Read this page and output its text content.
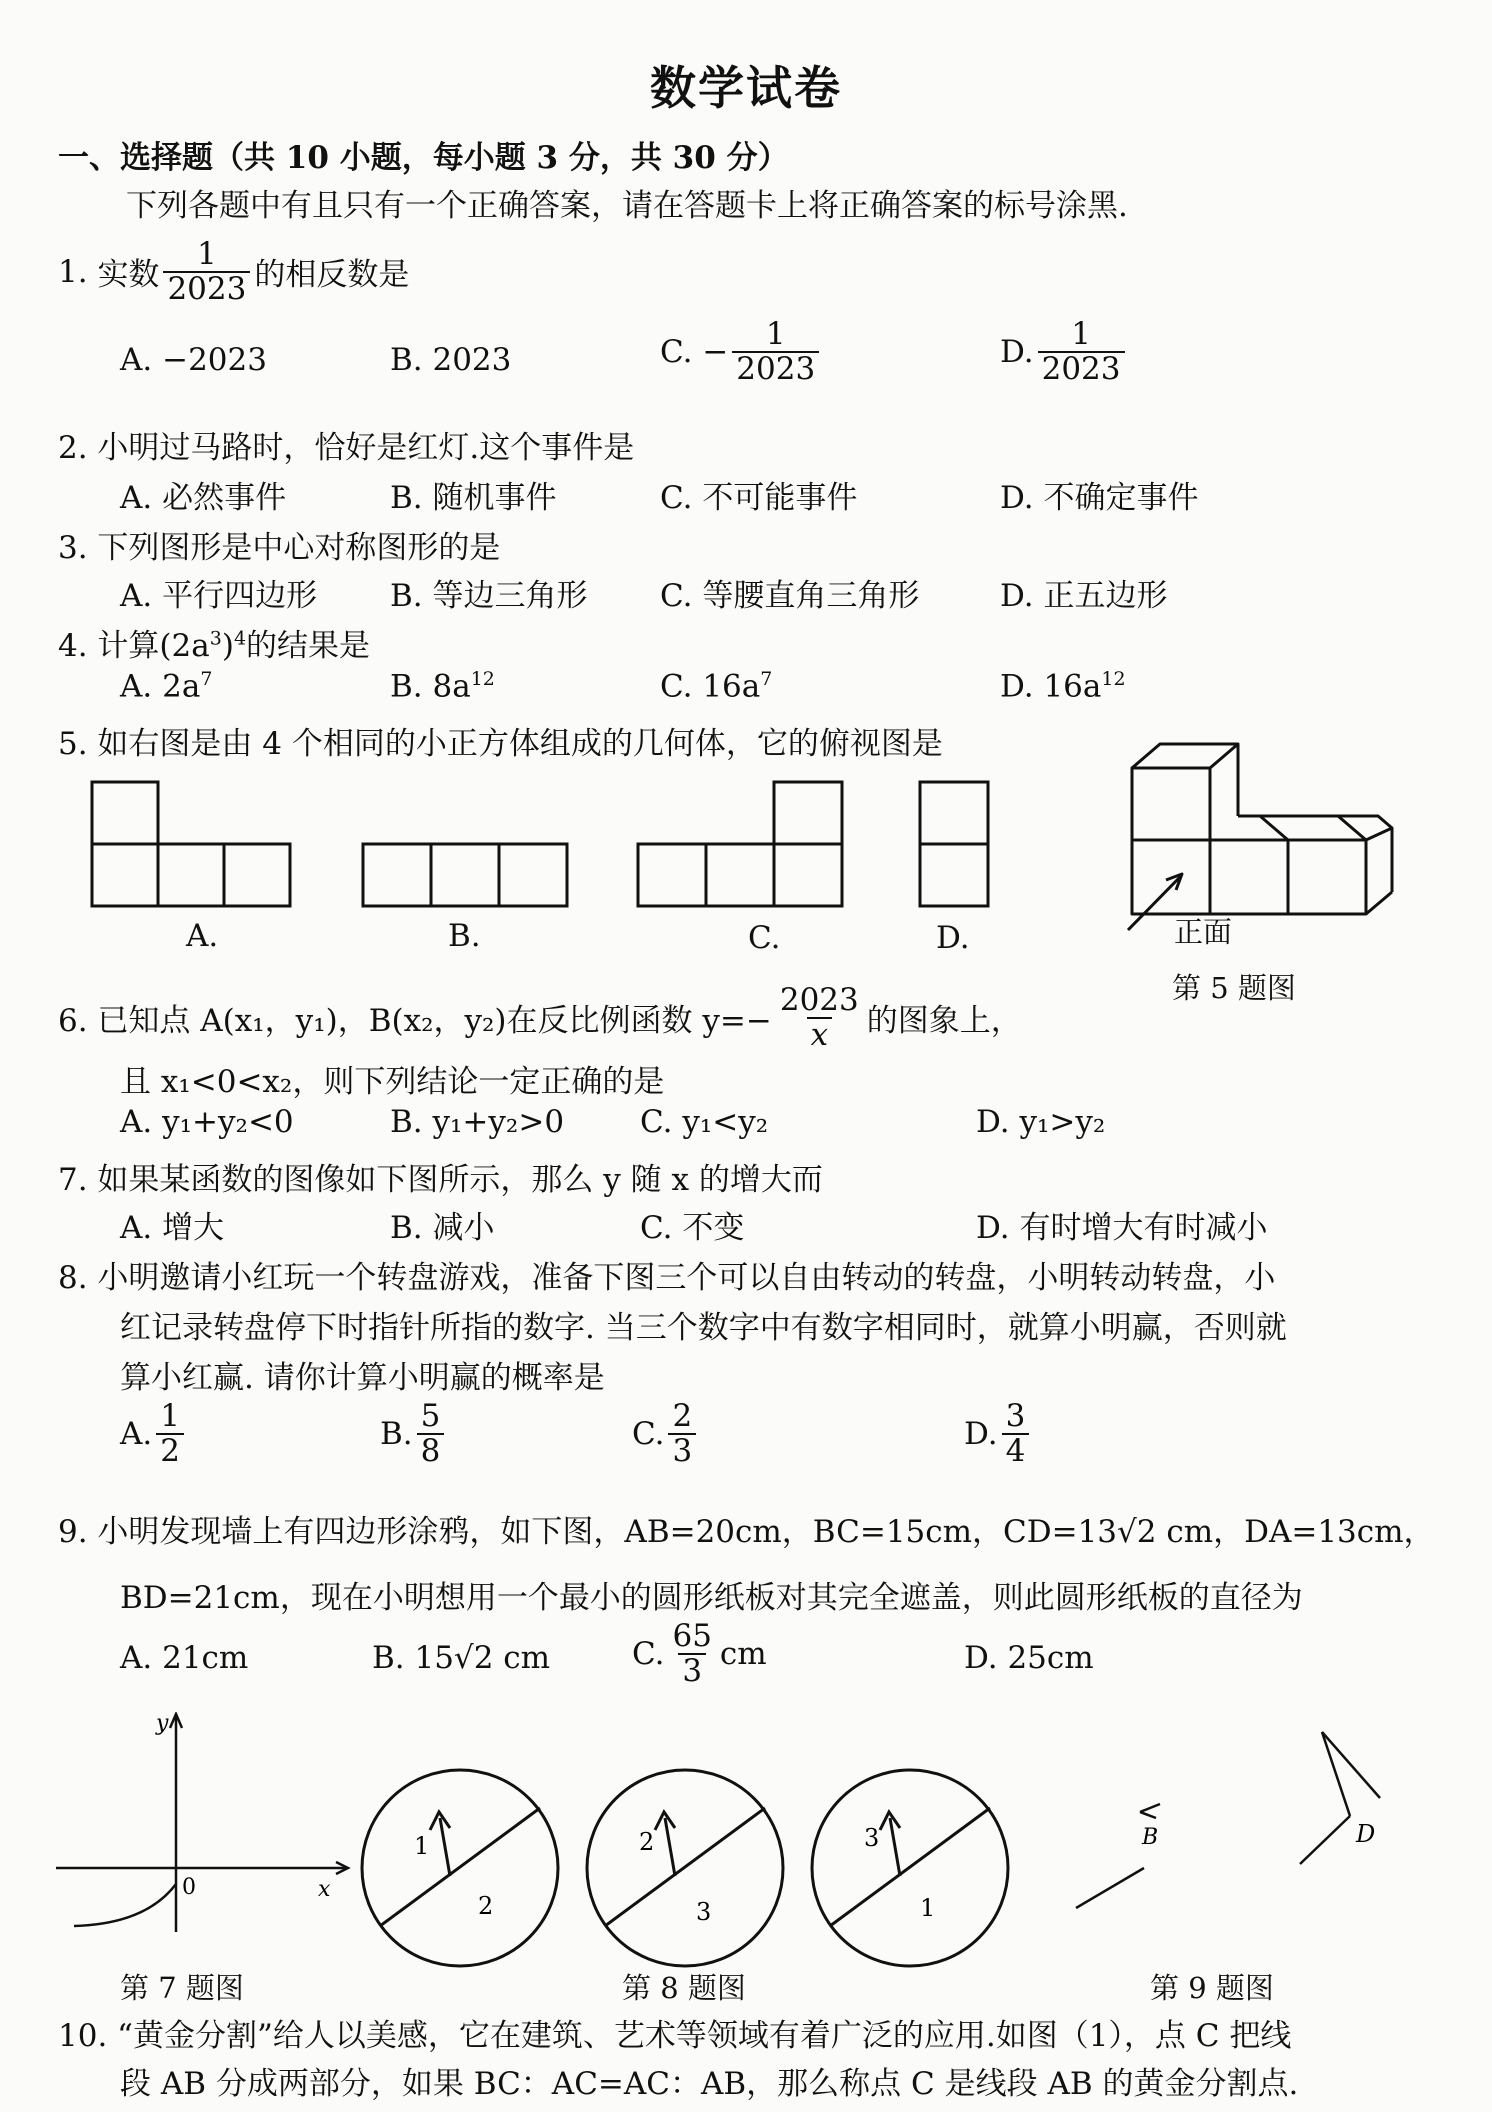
数学试卷
一、选择题（共 10 小题，每小题 3 分，共 30 分）
下列各题中有且只有一个正确答案，请在答题卡上将正确答案的标号涂黑.
1.
实数 $\frac{1}{2023}$ 的相反数是
A. −2023	B. 2023	C. − $\frac{1}{2023}$	D. $\frac{1}{2023}$
2. 小明过马路时，恰好是红灯.这个事件是
A. 必然事件	B. 随机事件	C. 不可能事件	D. 不确定事件
3. 下列图形是中心对称图形的是
A. 平行四边形 B. 等边三角形 C. 等腰直角三角形	D. 正五边形
4. 计算$(2a^3)^4$的结果是
A. $2a^7$	B. $8a^{12}$	C. $16a^7$	D. $16a^{12}$
5. 如右图是由 4 个相同的小正方体组成的几何体，它的俯视图是
A.	B.	C.	D.	正面
第 5 题图
6. 已知点 A(x₁，y₁)，B(x₂，y₂)在反比例函数 $y=- \frac{2023}{x}$ 的图象上，
且 x₁<0<x₂，则下列结论一定正确的是
A. y₁+y₂<0	B. y₁+y₂>0 C. y₁<y₂	D. y₁>y₂
7. 如果某函数的图像如下图所示，那么 y 随 x 的增大而
A. 增大	B. 减小	C. 不变	D. 有时增大有时减小
8. 小明邀请小红玩一个转盘游戏，准备下图三个可以自由转动的转盘，小明转动转盘，小
红记录转盘停下时指针所指的数字. 当三个数字中有数字相同时，就算小明赢，否则就
算小红赢. 请你计算小明赢的概率是
A. $\frac{1}{2}$	B. $\frac{5}{8}$	C. $\frac{2}{3}$	D. $\frac{3}{4}$
9. 小明发现墙上有四边形涂鸦，如下图，AB=20cm，BC=15cm，CD=13√2 cm，DA=13cm，
BD=21cm，现在小明想用一个最小的圆形纸板对其完全遮盖，则此圆形纸板的直径为
A. 21cm	B. 15√2 cm	C. $\frac{65}{3}$ cm	D. 25cm
y
0	x
第 7 题图
1
2
2
3
3
1
第 8 题图
B	D
第 9 题图
10. “黄金分割”给人以美感，它在建筑、艺术等领域有着广泛的应用.如图（1），点 C 把线
段 AB 分成两部分，如果 BC：AC=AC：AB，那么称点 C 是线段 AB 的黄金分割点.
